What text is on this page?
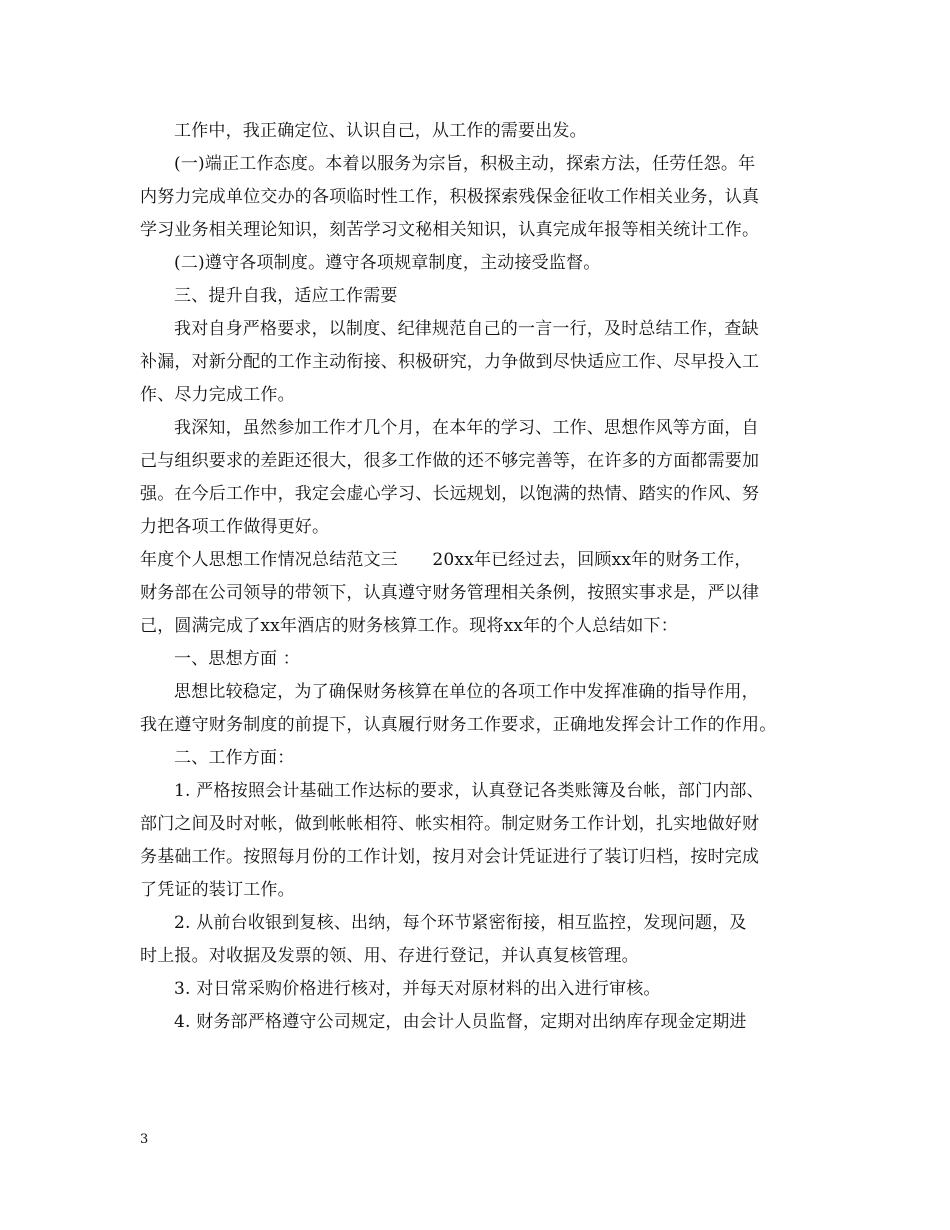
工作中，我正确定位、认识自己，从工作的需要出发。
(一)端正工作态度。本着以服务为宗旨，积极主动，探索方法，任劳任怨。年
内努力完成单位交办的各项临时性工作，积极探索残保金征收工作相关业务，认真
学习业务相关理论知识，刻苦学习文秘相关知识，认真完成年报等相关统计工作。
(二)遵守各项制度。遵守各项规章制度，主动接受监督。
三、提升自我，适应工作需要
我对自身严格要求，以制度、纪律规范自己的一言一行，及时总结工作，查缺
补漏，对新分配的工作主动衔接、积极研究，力争做到尽快适应工作、尽早投入工
作、尽力完成工作。
我深知，虽然参加工作才几个月，在本年的学习、工作、思想作风等方面，自
己与组织要求的差距还很大，很多工作做的还不够完善等，在许多的方面都需要加
强。在今后工作中，我定会虚心学习、长远规划，以饱满的热情、踏实的作风、努
力把各项工作做得更好。
年度个人思想工作情况总结范文三　　20xx年已经过去，回顾xx年的财务工作，
财务部在公司领导的带领下，认真遵守财务管理相关条例，按照实事求是，严以律
己，圆满完成了xx年酒店的财务核算工作。现将xx年的个人总结如下：
一、思想方面 ：
思想比较稳定，为了确保财务核算在单位的各项工作中发挥准确的指导作用，
我在遵守财务制度的前提下，认真履行财务工作要求，正确地发挥会计工作的作用。
二、工作方面：
1. 严格按照会计基础工作达标的要求，认真登记各类账簿及台帐，部门内部、
部门之间及时对帐，做到帐帐相符、帐实相符。制定财务工作计划，扎实地做好财
务基础工作。按照每月份的工作计划，按月对会计凭证进行了装订归档，按时完成
了凭证的装订工作。
2. 从前台收银到复核、出纳，每个环节紧密衔接，相互监控，发现问题，及
时上报。对收据及发票的领、用、存进行登记，并认真复核管理。
3. 对日常采购价格进行核对，并每天对原材料的出入进行审核。
4. 财务部严格遵守公司规定，由会计人员监督，定期对出纳库存现金定期进
3
